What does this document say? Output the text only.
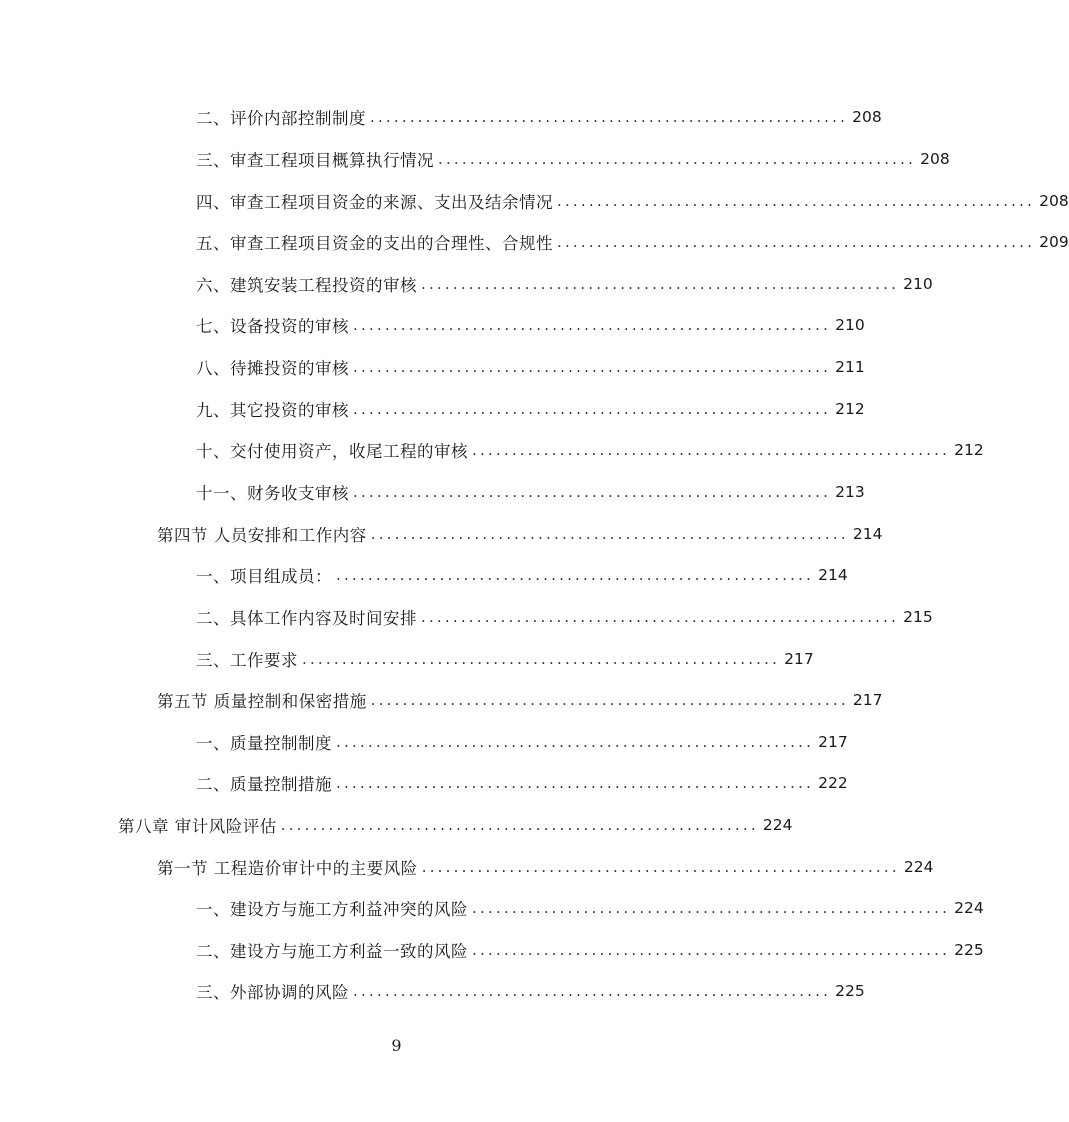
二、评价内部控制制度 ............................................................ 208
三、审查工程项目概算执行情况 ............................................................ 208
四、审查工程项目资金的来源、支出及结余情况 ............................................................ 208
五、审查工程项目资金的支出的合理性、合规性 ............................................................ 209
六、建筑安装工程投资的审核 ............................................................ 210
七、设备投资的审核 ............................................................ 210
八、待摊投资的审核 ............................................................ 211
九、其它投资的审核 ............................................................ 212
十、交付使用资产，收尾工程的审核 ............................................................ 212
十一、财务收支审核 ............................................................ 213
第四节 人员安排和工作内容 ............................................................ 214
一、项目组成员： ............................................................ 214
二、具体工作内容及时间安排 ............................................................ 215
三、工作要求 ............................................................ 217
第五节 质量控制和保密措施 ............................................................ 217
一、质量控制制度 ............................................................ 217
二、质量控制措施 ............................................................ 222
第八章 审计风险评估 ............................................................ 224
第一节 工程造价审计中的主要风险 ............................................................ 224
一、建设方与施工方利益冲突的风险 ............................................................ 224
二、建设方与施工方利益一致的风险 ............................................................ 225
三、外部协调的风险 ............................................................ 225
9
